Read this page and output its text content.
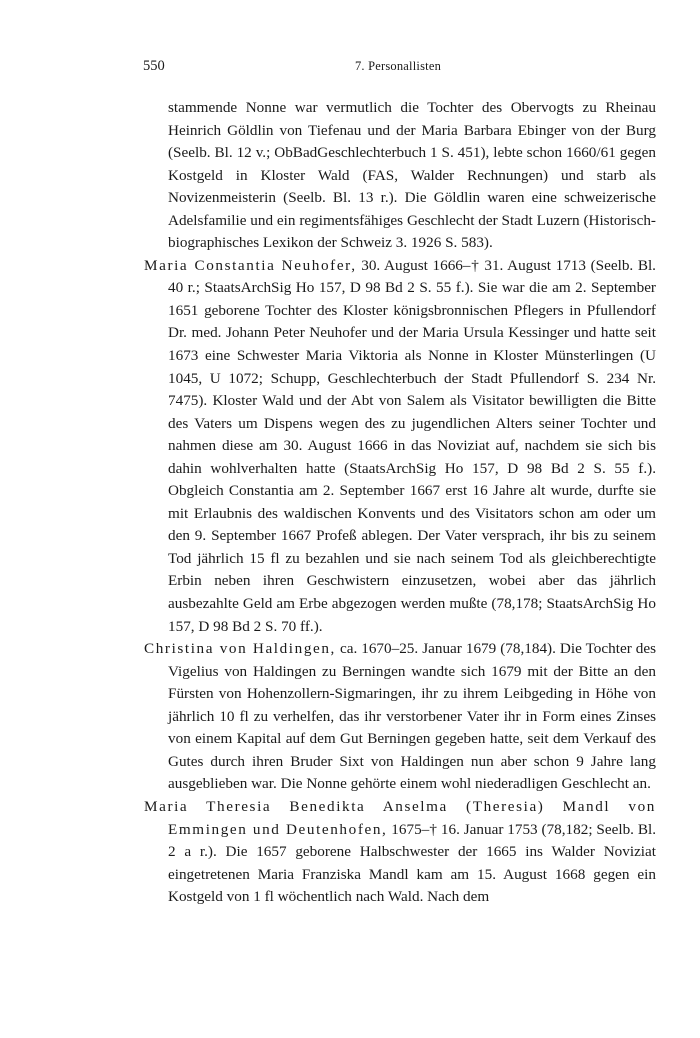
550	7. Personallisten

stammende Nonne war vermutlich die Tochter des Obervogts zu Rheinau Heinrich Göldlin von Tiefenau und der Maria Barbara Ebinger von der Burg (Seelb. Bl. 12 v.; ObBadGeschlechterbuch 1 S. 451), lebte schon 1660/61 gegen Kostgeld in Kloster Wald (FAS, Walder Rechnungen) und starb als Novizenmeisterin (Seelb. Bl. 13 r.). Die Göldlin waren eine schweizerische Adelsfamilie und ein regimentsfähiges Geschlecht der Stadt Luzern (Historisch-biographisches Lexikon der Schweiz 3. 1926 S. 583).

Maria Constantia Neuhofer, 30. August 1666–† 31. August 1713 (Seelb. Bl. 40 r.; StaatsArchSig Ho 157, D 98 Bd 2 S. 55 f.). Sie war die am 2. September 1651 geborene Tochter des Kloster königsbronnischen Pflegers in Pfullendorf Dr. med. Johann Peter Neuhofer und der Maria Ursula Kessinger und hatte seit 1673 eine Schwester Maria Viktoria als Nonne in Kloster Münsterlingen (U 1045, U 1072; Schupp, Geschlechterbuch der Stadt Pfullendorf S. 234 Nr. 7475). Kloster Wald und der Abt von Salem als Visitator bewilligten die Bitte des Vaters um Dispens wegen des zu jugendlichen Alters seiner Tochter und nahmen diese am 30. August 1666 in das Noviziat auf, nachdem sie sich bis dahin wohlverhalten hatte (StaatsArchSig Ho 157, D 98 Bd 2 S. 55 f.). Obgleich Constantia am 2. September 1667 erst 16 Jahre alt wurde, durfte sie mit Erlaubnis des waldischen Konvents und des Visitators schon am oder um den 9. September 1667 Profeß ablegen. Der Vater versprach, ihr bis zu seinem Tod jährlich 15 fl zu bezahlen und sie nach seinem Tod als gleichberechtigte Erbin neben ihren Geschwistern einzusetzen, wobei aber das jährlich ausbezahlte Geld am Erbe abgezogen werden mußte (78,178; StaatsArchSig Ho 157, D 98 Bd 2 S. 70 ff.).

Christina von Haldingen, ca. 1670–25. Januar 1679 (78,184). Die Tochter des Vigelius von Haldingen zu Berningen wandte sich 1679 mit der Bitte an den Fürsten von Hohenzollern-Sigmaringen, ihr zu ihrem Leibgeding in Höhe von jährlich 10 fl zu verhelfen, das ihr verstorbener Vater ihr in Form eines Zinses von einem Kapital auf dem Gut Berningen gegeben hatte, seit dem Verkauf des Gutes durch ihren Bruder Sixt von Haldingen nun aber schon 9 Jahre lang ausgeblieben war. Die Nonne gehörte einem wohl niederadligen Geschlecht an.

Maria Theresia Benedikta Anselma (Theresia) Mandl von Emmingen und Deutenhofen, 1675–† 16. Januar 1753 (78,182; Seelb. Bl. 2 a r.). Die 1657 geborene Halbschwester der 1665 ins Walder Noviziat eingetretenen Maria Franziska Mandl kam am 15. August 1668 gegen ein Kostgeld von 1 fl wöchentlich nach Wald. Nach dem
